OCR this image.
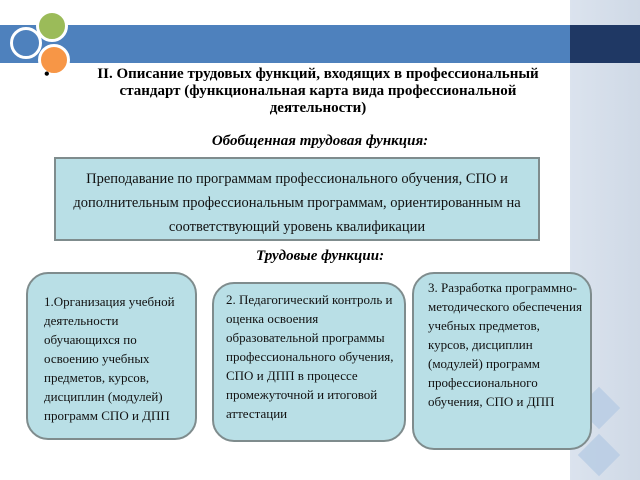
•	II. Описание трудовых функций, входящих в профессиональный стандарт (функциональная карта вида профессиональной деятельности)
Обобщенная трудовая функция:
Преподавание по программам профессионального обучения, СПО и дополнительным профессиональным программам, ориентированным на соответствующий уровень квалификации
Трудовые функции:
1.Организация учебной деятельности обучающихся по освоению учебных предметов, курсов, дисциплин (модулей) программ СПО и ДПП
2. Педагогический контроль и оценка освоения образовательной программы профессионального обучения, СПО и ДПП в процессе промежуточной и итоговой аттестации
3. Разработка программно-методического обеспечения учебных предметов, курсов, дисциплин (модулей) программ профессионального обучения, СПО и ДПП
